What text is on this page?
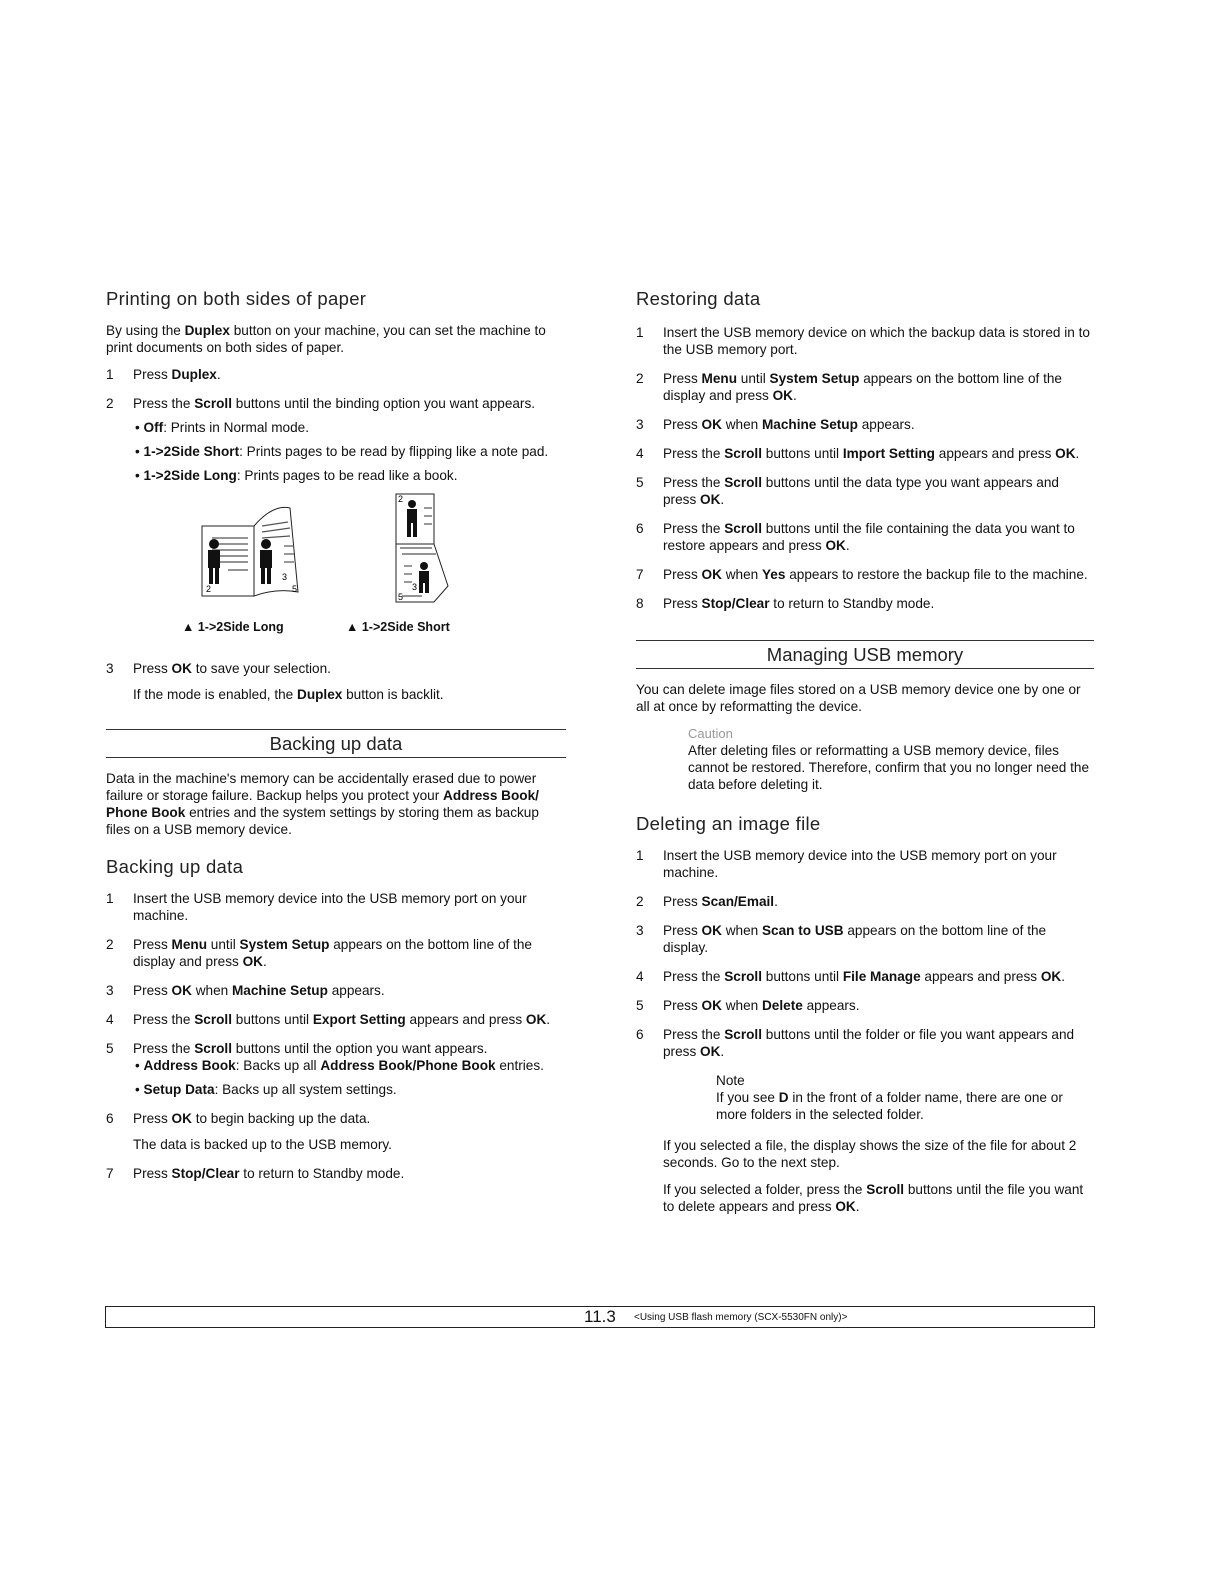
Printing on both sides of paper

By using the Duplex button on your machine, you can set the machine to print documents on both sides of paper.

1 Press Duplex.
2 Press the Scroll buttons until the binding option you want appears.
• Off: Prints in Normal mode.
• 1->2Side Short: Prints pages to be read by flipping like a note pad.
• 1->2Side Long: Prints pages to be read like a book.
2
3
5
2
3
5
▲ 1->2Side Long	▲ 1->2Side Short
3 Press OK to save your selection.
If the mode is enabled, the Duplex button is backlit.
Backing up data

Data in the machine's memory can be accidentally erased due to power failure or storage failure. Backup helps you protect your Address Book/ Phone Book entries and the system settings by storing them as backup files on a USB memory device.

Backing up data
1 Insert the USB memory device into the USB memory port on your machine.
2 Press Menu until System Setup appears on the bottom line of the display and press OK.
3 Press OK when Machine Setup appears.
4 Press the Scroll buttons until Export Setting appears and press OK.
5 Press the Scroll buttons until the option you want appears.
• Address Book: Backs up all Address Book/Phone Book entries.
• Setup Data: Backs up all system settings.
6 Press OK to begin backing up the data.
The data is backed up to the USB memory.
7 Press Stop/Clear to return to Standby mode.
Restoring data
1 Insert the USB memory device on which the backup data is stored in to the USB memory port.
2 Press Menu until System Setup appears on the bottom line of the display and press OK.
3 Press OK when Machine Setup appears.
4 Press the Scroll buttons until Import Setting appears and press OK.
5 Press the Scroll buttons until the data type you want appears and press OK.
6 Press the Scroll buttons until the file containing the data you want to restore appears and press OK.
7 Press OK when Yes appears to restore the backup file to the machine.
8 Press Stop/Clear to return to Standby mode.
Managing USB memory

You can delete image files stored on a USB memory device one by one or all at once by reformatting the device.

Caution
After deleting files or reformatting a USB memory device, files cannot be restored. Therefore, confirm that you no longer need the data before deleting it.
Deleting an image file
1 Insert the USB memory device into the USB memory port on your machine.
2 Press Scan/Email.
3 Press OK when Scan to USB appears on the bottom line of the display.
4 Press the Scroll buttons until File Manage appears and press OK.
5 Press OK when Delete appears.
6 Press the Scroll buttons until the folder or file you want appears and press OK.
Note
If you see D in the front of a folder name, there are one or more folders in the selected folder.

If you selected a file, the display shows the size of the file for about 2 seconds. Go to the next step.

If you selected a folder, press the Scroll buttons until the file you want to delete appears and press OK.

11.3 <Using USB flash memory (SCX-5530FN only)>
